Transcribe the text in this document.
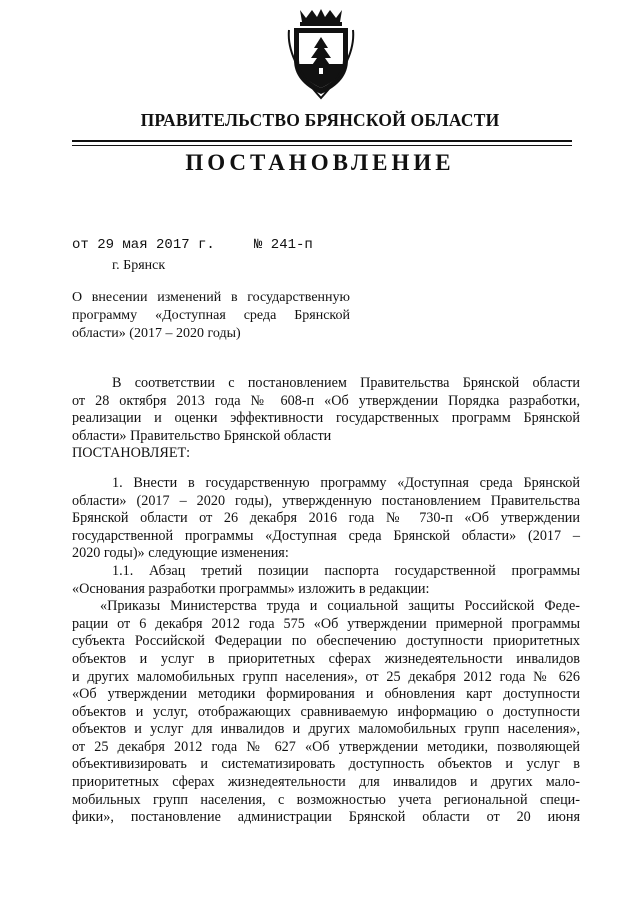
ПРАВИТЕЛЬСТВО БРЯНСКОЙ ОБЛАСТИ
ПОСТАНОВЛЕНИЕ
от 29 мая 2017 г.	№ 241-п
г. Брянск
О внесении изменений в государственную программу «Доступная среда Брянской области» (2017 – 2020 годы)
В соответствии с постановлением Правительства Брянской области
от 28 октября 2013 года № 608-п «Об утверждении Порядка разработки,
реализации и оценки эффективности государственных программ Брянской
области» Правительство Брянской области
ПОСТАНОВЛЯЕТ:
1. Внести в государственную программу «Доступная среда Брянской
области» (2017 – 2020 годы), утвержденную постановлением Правительства
Брянской области от 26 декабря 2016 года № 730-п «Об утверждении
государственной программы «Доступная среда Брянской области» (2017 –
2020 годы)» следующие изменения:
1.1. Абзац третий позиции паспорта государственной программы
«Основания разработки программы» изложить в редакции:
«Приказы Министерства труда и социальной защиты Российской Феде-
рации от 6 декабря 2012 года 575 «Об утверждении примерной программы
субъекта Российской Федерации по обеспечению доступности приоритетных
объектов и услуг в приоритетных сферах жизнедеятельности инвалидов
и других маломобильных групп населения», от 25 декабря 2012 года № 626
«Об утверждении методики формирования и обновления карт доступности
объектов и услуг, отображающих сравниваемую информацию о доступности
объектов и услуг для инвалидов и других маломобильных групп населения»,
от 25 декабря 2012 года № 627 «Об утверждении методики, позволяющей
объективизировать и систематизировать доступность объектов и услуг в
приоритетных сферах жизнедеятельности для инвалидов и других мало-
мобильных групп населения, с возможностью учета региональной специ-
фики», постановление администрации Брянской области от 20 июня
